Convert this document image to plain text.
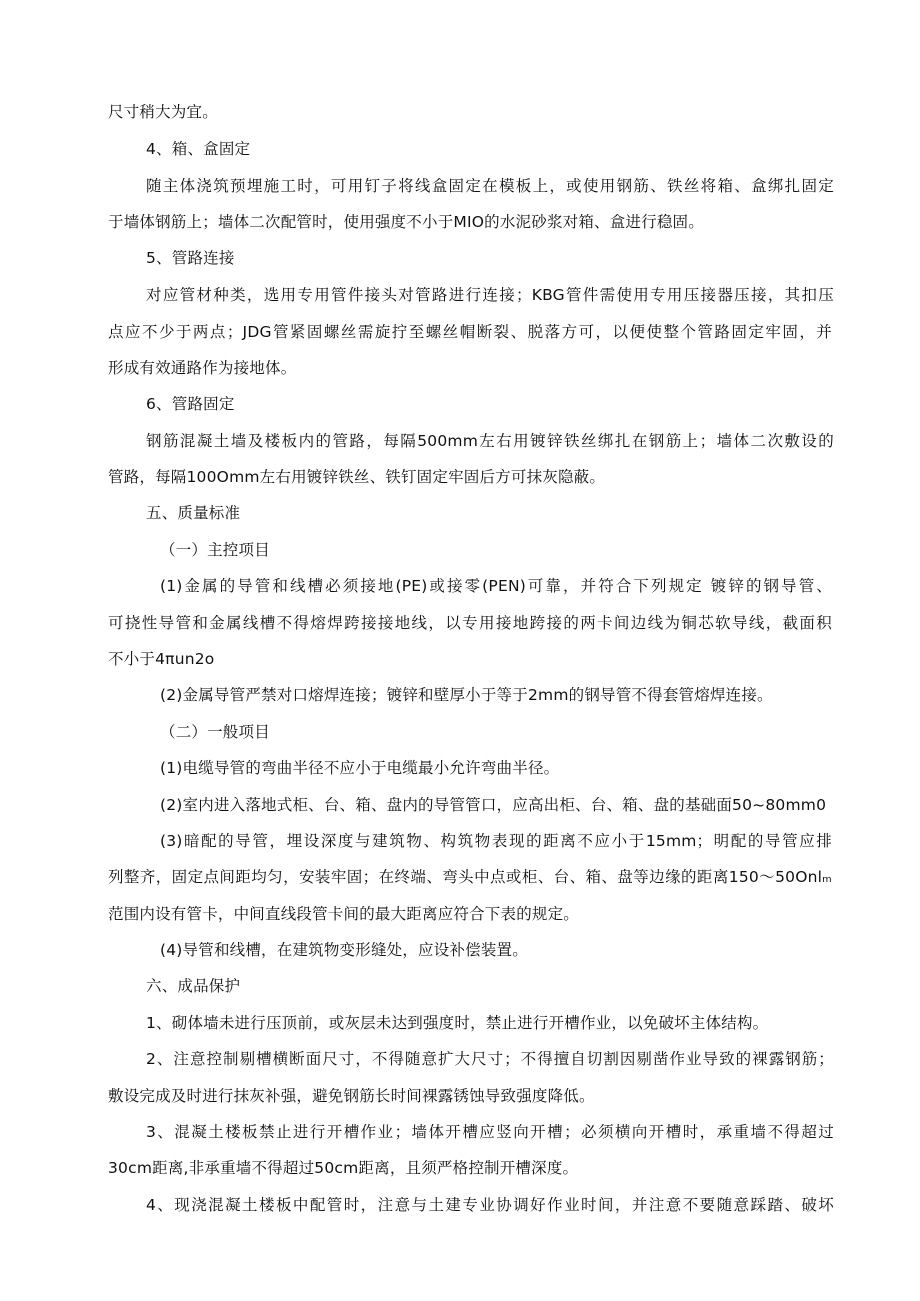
尺寸稍大为宜。
4、箱、盒固定
随主体浇筑预埋施工时，可用钉子将线盒固定在模板上，或使用钢筋、铁丝将箱、盒绑扎固定
于墙体钢筋上；墙体二次配管时，使用强度不小于MIO的水泥砂浆对箱、盒进行稳固。
5、管路连接
对应管材种类，选用专用管件接头对管路进行连接；KBG管件需使用专用压接器压接，其扣压
点应不少于两点；JDG管紧固螺丝需旋拧至螺丝帽断裂、脱落方可，以便使整个管路固定牢固，并
形成有效通路作为接地体。
6、管路固定
钢筋混凝土墙及楼板内的管路，每隔500mm左右用镀锌铁丝绑扎在钢筋上；墙体二次敷设的
管路，每隔100Omm左右用镀锌铁丝、铁钉固定牢固后方可抹灰隐蔽。
五、质量标准
（一）主控项目
(1)金属的导管和线槽必须接地(PE)或接零(PEN)可靠，并符合下列规定 镀锌的钢导管、
可挠性导管和金属线槽不得熔焊跨接接地线，以专用接地跨接的两卡间边线为铜芯软导线，截面积
不小于4πun2o
(2)金属导管严禁对口熔焊连接；镀锌和壁厚小于等于2mm的钢导管不得套管熔焊连接。
（二）一般项目
(1)电缆导管的弯曲半径不应小于电缆最小允许弯曲半径。
(2)室内进入落地式柜、台、箱、盘内的导管管口，应高出柜、台、箱、盘的基础面50~80mm0
(3)暗配的导管，埋设深度与建筑物、构筑物表现的距离不应小于15mm；明配的导管应排
列整齐，固定点间距均匀，安装牢固；在终端、弯头中点或柜、台、箱、盘等边缘的距离150〜50Onlₘ
范围内设有管卡，中间直线段管卡间的最大距离应符合下表的规定。
(4)导管和线槽，在建筑物变形缝处，应设补偿装置。
六、成品保护
1、砌体墙未进行压顶前，或灰层未达到强度时，禁止进行开槽作业，以免破坏主体结构。
2、注意控制剔槽横断面尺寸，不得随意扩大尺寸；不得擅自切割因剔凿作业导致的裸露钢筋；
敷设完成及时进行抹灰补强，避免钢筋长时间裸露锈蚀导致强度降低。
3、混凝土楼板禁止进行开槽作业；墙体开槽应竖向开槽；必须横向开槽时，承重墙不得超过
30cm距离,非承重墙不得超过50cm距离，且须严格控制开槽深度。
4、现浇混凝土楼板中配管时，注意与土建专业协调好作业时间，并注意不要随意踩踏、破坏
